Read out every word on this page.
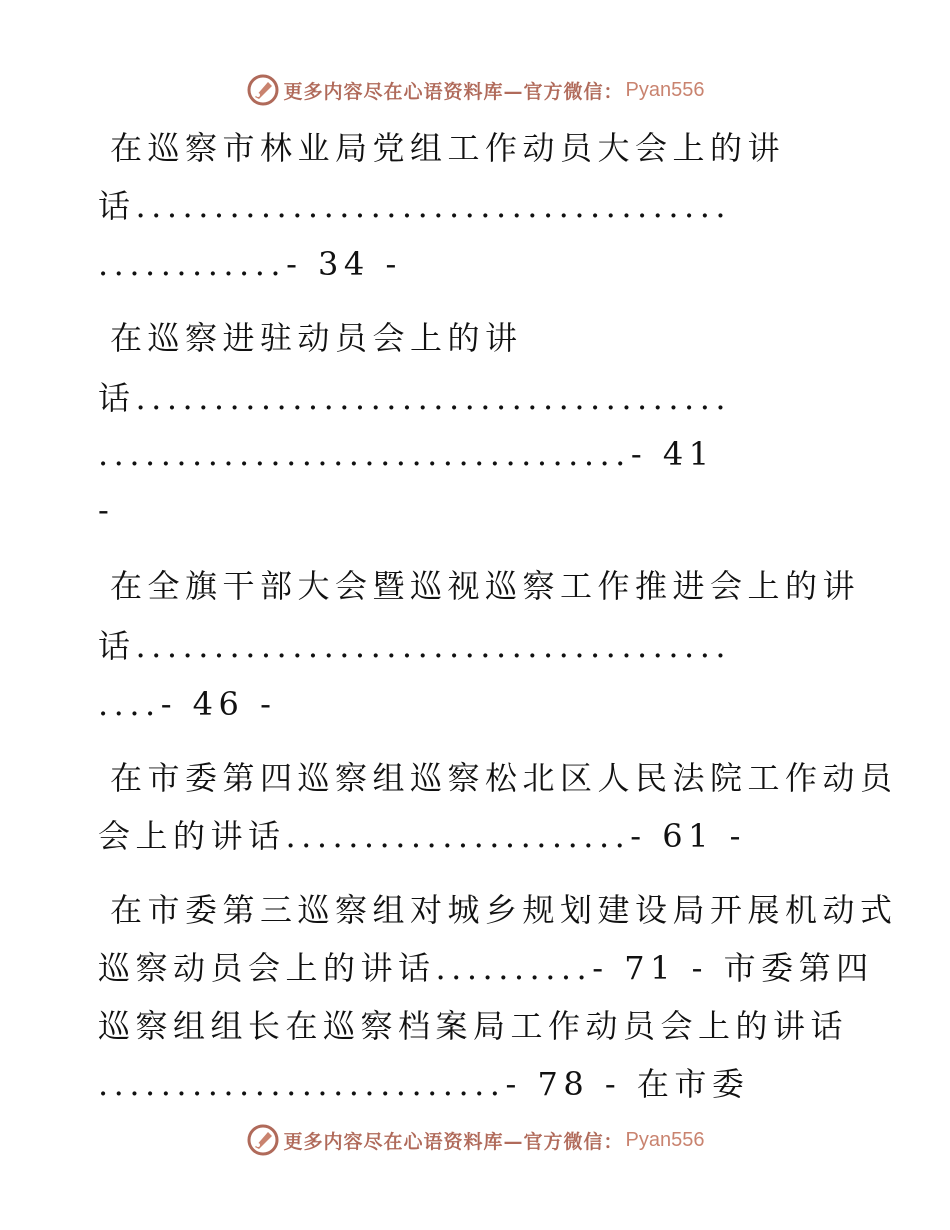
更多内容尽在心语资料库—官方微信： Pyan556
在巡察市林业局党组工作动员大会上的讲
话......................................
............- 34 -
在巡察进驻动员会上的讲
话......................................
..................................- 41
-
在全旗干部大会暨巡视巡察工作推进会上的讲
话......................................
....- 46 -
在市委第四巡察组巡察松北区人民法院工作动员
会上的讲话......................- 61 -
在市委第三巡察组对城乡规划建设局开展机动式
巡察动员会上的讲话..........- 71 - 市委第四
巡察组组长在巡察档案局工作动员会上的讲话
..........................- 78 - 在市委
更多内容尽在心语资料库—官方微信： Pyan556
